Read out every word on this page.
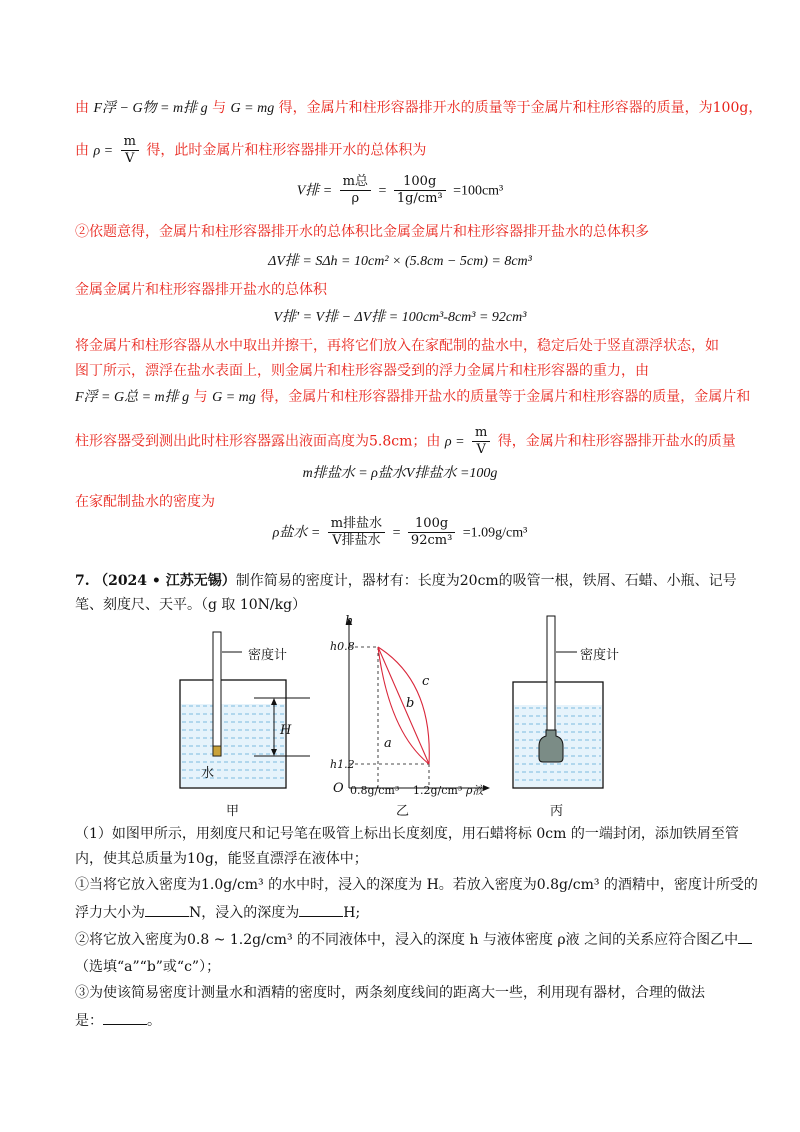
由 F浮 − G物 = m排 g 与 G = mg 得，金属片和柱形容器排开水的质量等于金属片和柱形容器的质量，为100g，
由 $\rho = \frac{m}{V}$ 得，此时金属片和柱形容器排开水的总体积为
V排 = $\frac{\text{m总}}{\rho} = \frac{100g}{\text{1g/cm³}} =100cm^3$
②依题意得，金属片和柱形容器排开水的总体积比金属金属片和柱形容器排开盐水的总体积多
ΔV排 = SΔh = 10cm² × (5.8cm − 5cm) = 8cm³
金属金属片和柱形容器排开盐水的总体积
V排' = V排 − ΔV排 = 100cm³-8cm³ = 92cm³
将金属片和柱形容器从水中取出并擦干，再将它们放入在家配制的盐水中，稳定后处于竖直漂浮状态，如
图丁所示，漂浮在盐水表面上，则金属片和柱形容器受到的浮力金属片和柱形容器的重力，由
F浮 = G总 = m排 g 与 G = mg 得，金属片和柱形容器排开盐水的质量等于金属片和柱形容器的质量，金属片和
柱形容器受到测出此时柱形容器露出液面高度为5.8cm；由 $\rho = \frac{m}{V}$ 得，金属片和柱形容器排开盐水的质量
m排盐水 = ρ盐水V排盐水 =100g
在家配制盐水的密度为
ρ盐水 = $\frac{\text{m排盐水}}{\text{V排盐水}} = \frac{100g}{\text{92cm³}} =1.09g/cm^3$
7. （2024 • 江苏无锡）制作简易的密度计，器材有：长度为20cm的吸管一根，铁屑、石蜡、小瓶、记号
笔、刻度尺、天平。（g 取 10N/kg）
密度计
H
水
甲
h
h0.8
h1.2
c
b
a
O 0.8g/cm³ 1.2g/cm³ ρ液
乙
密度计
丙
（1）如图甲所示，用刻度尺和记号笔在吸管上标出长度刻度，用石蜡将标 0cm 的一端封闭，添加铁屑至管
内，使其总质量为10g，能竖直漂浮在液体中；
①当将它放入密度为1.0g/cm³ 的水中时，浸入的深度为 H。若放入密度为0.8g/cm³ 的酒精中，密度计所受的
浮力大小为	N，浸入的深度为	H;
②将它放入密度为0.8 ~ 1.2g/cm³ 的不同液体中，浸入的深度 h 与液体密度 ρ液 之间的关系应符合图乙中
（选填“a”“b”或“c”）；
③为使该简易密度计测量水和酒精的密度时，两条刻度线间的距离大一些，利用现有器材，合理的做法
是：	。
